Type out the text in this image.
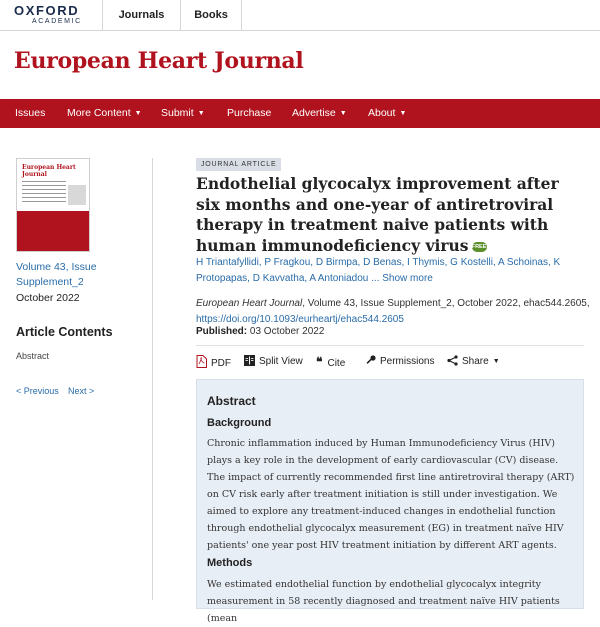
OXFORD
ACADEMIC
Journals	Books
European Heart Journal
Issues More Content ▼ Submit ▼ Purchase Advertise ▼ About ▼
European Heart Journal
Volume 43, Issue Supplement_2
October 2022
Article Contents
Abstract
< Previous Next >
JOURNAL ARTICLE
Endothelial glycocalyx improvement after six months and one-year of antiretroviral therapy in treatment naive patients with human immunodeficiency virus FREE
H Triantafyllidi, P Fragkou, D Birmpa, D Benas, I Thymis, G Kostelli, A Schoinas, K Protopapas, D Kavvatha, A Antoniadou ... Show more
European Heart Journal, Volume 43, Issue Supplement_2, October 2022, ehac544.2605,
https://doi.org/10.1093/eurheartj/ehac544.2605
Published: 03 October 2022
PDF	Split View ❝ Cite	Permissions	Share ▼
Abstract
Background
Chronic inflammation induced by Human Immunodeficiency Virus (HIV) plays a key role in the development of early cardiovascular (CV) disease. The impact of currently recommended first line antiretroviral therapy (ART) on CV risk early after treatment initiation is still under investigation. We aimed to explore any treatment-induced changes in endothelial function through endothelial glycocalyx measurement (EG) in treatment naïve HIV patients' one year post HIV treatment initiation by different ART agents.
Methods
We estimated endothelial function by endothelial glycocalyx integrity measurement in 58 recently diagnosed and treatment naïve HIV patients (mean
